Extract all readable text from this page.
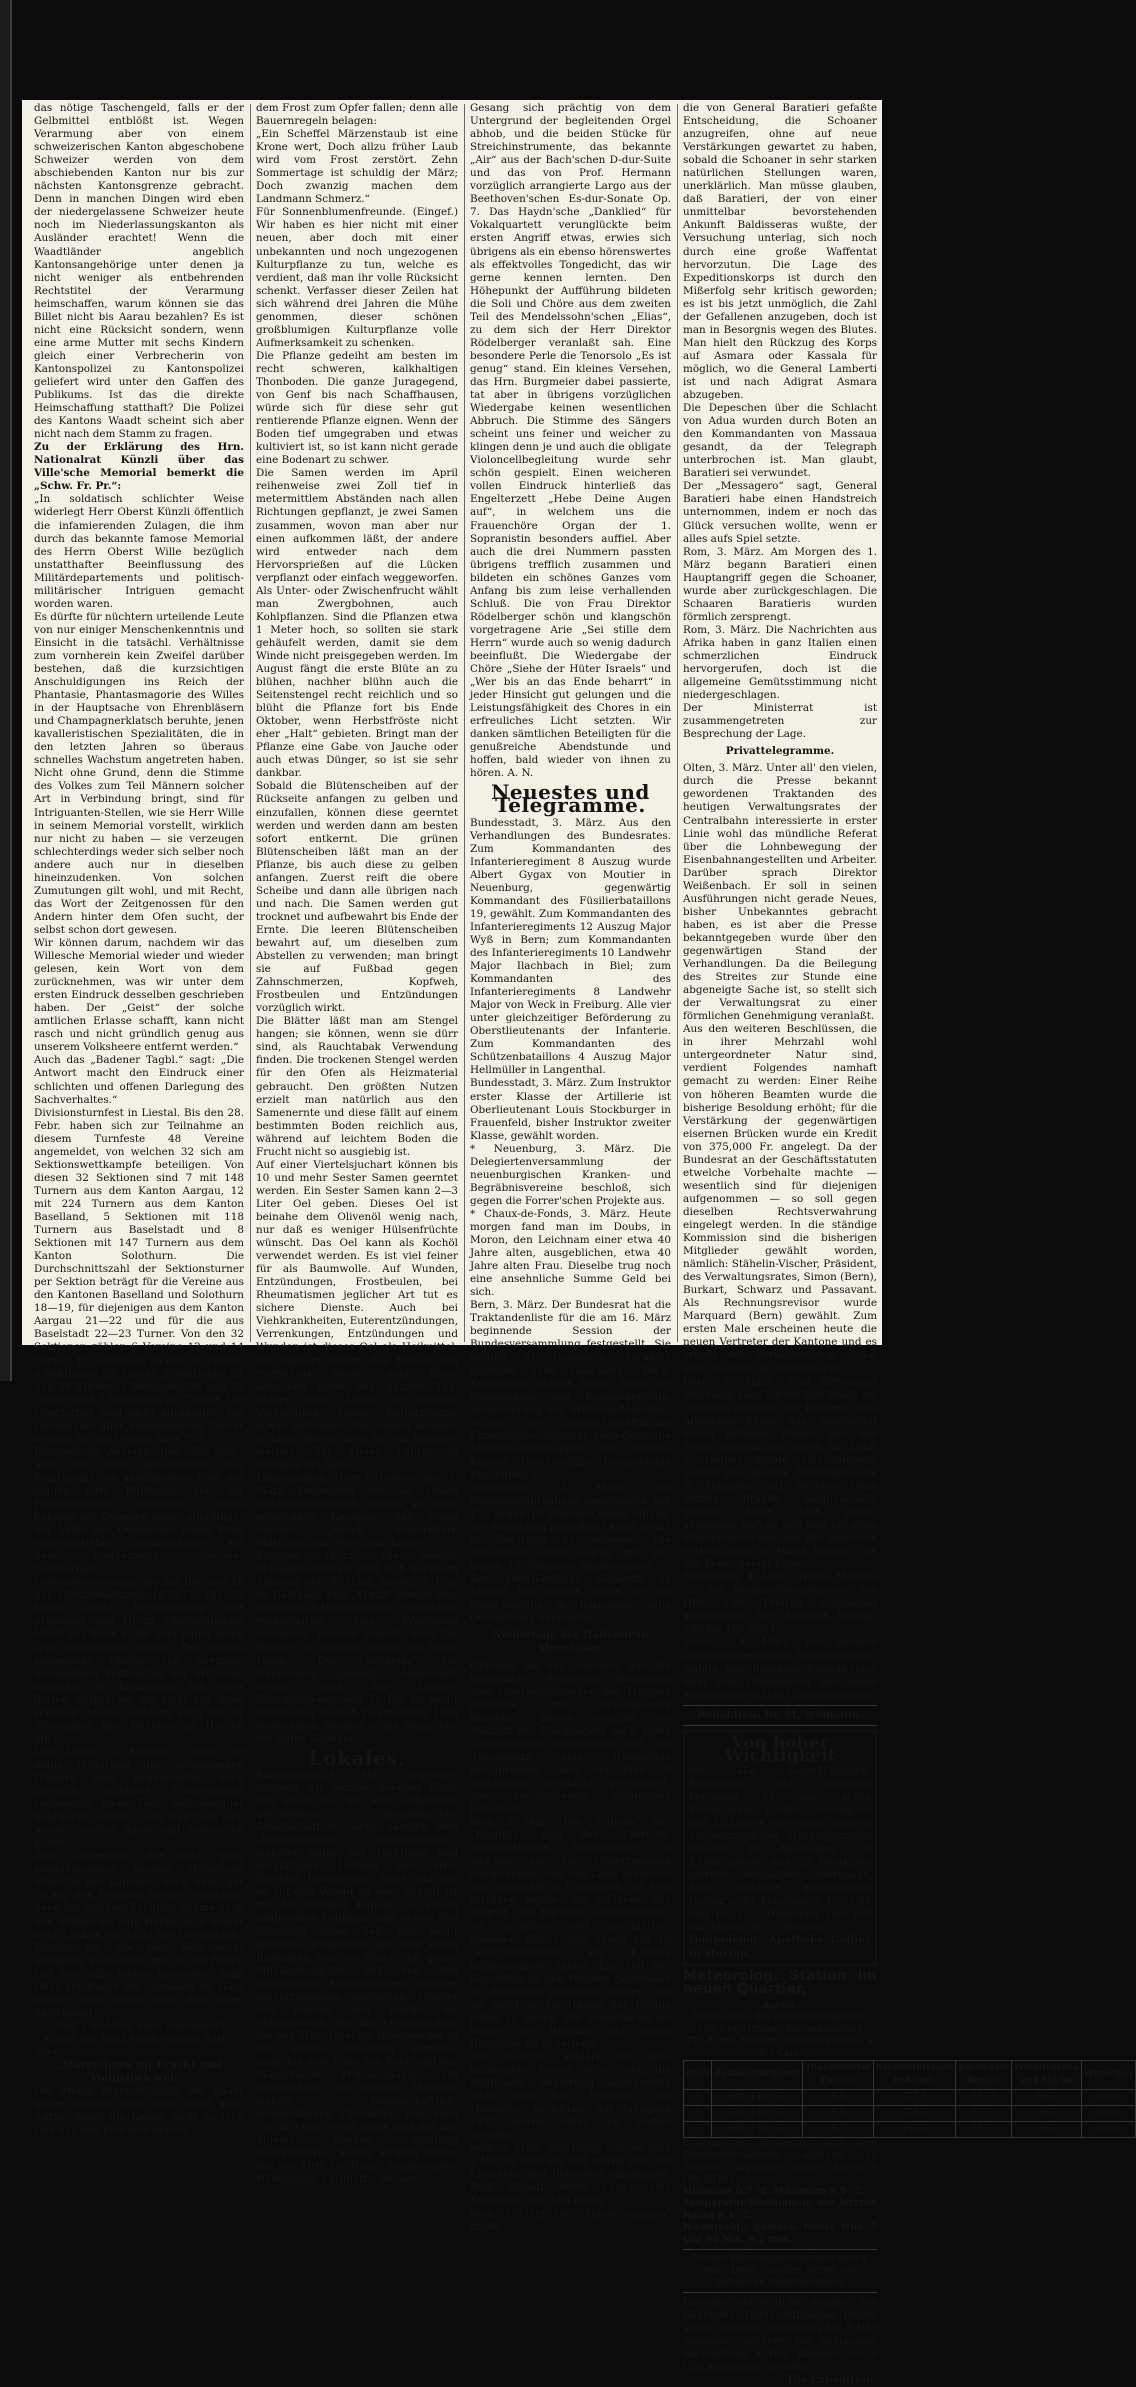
das nötige Taschengeld, falls er der Gelbmittel entblößt ist. Wegen Verarmung aber von einem schweizerischen Kanton abgeschobene Schweizer werden von dem abschiebenden Kanton nur bis zur nächsten Kantonsgrenze gebracht. Denn in manchen Dingen wird eben der niedergelassene Schweizer heute noch im Niederlassungskanton als Ausländer erachtet! Wenn die Waadtländer angeblich Kantonsangehörige unter denen ja nicht weniger als entbehrenden Rechtstitel der Verarmung heimschaffen, warum können sie das Billet nicht bis Aarau bezahlen? Es ist nicht eine Rücksicht sondern, wenn eine arme Mutter mit sechs Kindern gleich einer Verbrecherin von Kantonspolizei zu Kantonspolizei geliefert wird unter den Gaffen des Publikums. Ist das die direkte Heimschaffung statthaft? Die Polizei des Kantons Waadt scheint sich aber nicht nach dem Stamm zu fragen.

Zu der Erklärung des Hrn. Nationalrat Künzli über das Ville'sche Memorial bemerkt die „Schw. Fr. Pr.“:

„In soldatisch schlichter Weise widerlegt Herr Oberst Künzli öffentlich die infamierenden Zulagen, die ihm durch das bekannte famose Memorial des Herrn Oberst Wille bezüglich unstatthafter Beeinflussung des Militärdepartements und politisch-militärischer Intriguen gemacht worden waren.

Es dürfte für nüchtern urteilende Leute von nur einiger Menschenkenntnis und Einsicht in die tatsächl. Verhältnisse zum vornherein kein Zweifel darüber bestehen, daß die kurzsichtigen Anschuldigungen ins Reich der Phantasie, Phantasmagorie des Willes in der Hauptsache von Ehrenbläsern und Champagnerklatsch beruhte, jenen kavalleristischen Spezialitäten, die in den letzten Jahren so überaus schnelles Wachstum angetreten haben. Nicht ohne Grund, denn die Stimme des Volkes zum Teil Männern solcher Art in Verbindung bringt, sind für Intriguanten-Stellen, wie sie Herr Wille in seinem Memorial vorstellt, wirklich nur nicht zu haben — sie verzeugen schlechterdings weder sich selber noch andere auch nur in dieselben hineinzudenken. Von solchen Zumutungen gilt wohl, und mit Recht, das Wort der Zeitgenossen für den Andern hinter dem Ofen sucht, der selbst schon dort gewesen.

Wir können darum, nachdem wir das Willesche Memorial wieder und wieder gelesen, kein Wort von dem zurücknehmen, was wir unter dem ersten Eindruck desselben geschrieben haben. Der „Geist“ der solche amtlichen Erlasse schafft, kann nicht rasch und nicht gründlich genug aus unserem Volksheere entfernt werden.“

Auch das „Badener Tagbl.“ sagt: „Die Antwort macht den Eindruck einer schlichten und offenen Darlegung des Sachverhaltes.“

Divisionsturnfest in Liestal. Bis den 28. Febr. haben sich zur Teilnahme an diesem Turnfeste 48 Vereine angemeldet, von welchen 32 sich am Sektionswettkampfe beteiligen. Von diesen 32 Sektionen sind 7 mit 148 Turnern aus dem Kanton Aargau, 12 mit 224 Turnern aus dem Kanton Baselland, 5 Sektionen mit 118 Turnern aus Baselstadt und 8 Sektionen mit 147 Turnern aus dem Kanton Solothurn. Die Durchschnittszahl der Sektionsturner per Sektion beträgt für die Vereine aus den Kantonen Baselland und Solothurn 18—19, für diejenigen aus dem Kanton Aargau 21—22 und für die aus Baselstadt 22—23 Turner. Von den 32 Sektionen zählen 6 Vereine 12 und 14 Turner, 15 Sektionen 16 und 18 Turner, 4 Sektionen 20 Turner, 2 Sektionen 24 und 28 Turner, 3 Sektionen 30 und 32 Turner und 2 Sektionen 40 Turner. Die Oberturner sind nicht mitgezählt. Die Gesamtzahl aller angemeldeten Turner beträgt bis jetzt etwas über 750.

Jurassier im Ausland. Der „Nat.-Ztg.“ wird aus Kairo geschrieben: Das Bezirksamt von angeblichem Tode des jungen Otto Buflinger, der zur Fremdenlegion gegangen, nichts bekannt sei. Dagegen habe „allerdings“ der Vater des Genannten einen Brief eingeschrieben zurückerhalten mit dem Postvermerk „decédé“ (verstorben).

Veteranenversammlung der Batterie 16 der Grenzbesetzung 1870/71. Die 70 Mann starke Versammlung war präsidiert von Herrn Oberlieutenant Marti aus Stein a. Rh. und nahm einen sehr gemütlichen Verlauf. Der damals anwesende Oberst von Grenzen, dazumaliger Waffenchef der Artillerie, begrüßte die Kameraden mit einer flotten Ansprache, die nicht nur ihres schönen Inhalts, sondern auch der 81 Altersjahre des Redners zu Herzen ging.

Vom Lande. (O Korresp.) Durch die milde Witterung des vergangenen Winters sind gegenwärtig noch ziemlich reichliche Futtervorräte vorhanden; eines Teils, weil weniger gebraucht worden, teils weil man sich wieder solches fällen und zubereiten konnte.

Auch angesichts der noch ganz ausnahmsweise großen Heustöcke wünsche der Landwirt noch nicht gar zu arg den Frühling herbei wünschen; denn bei starkem Frühling nähme er in den Ställen bis zum Herbst sich immer noch Lücken von 1893 her zu fürchten.

Pluvius hat wie sein Naß recht ausgiebig gespendet und ist der Boden fast nur allzu locker geworden; man sieht der Bauer ein Austauen im März wieder ganz gerne, nach dem alten Sprichwort:

„Taut's im März nach Sommerart,

Kriegt der Lenz einen weißen Bart.“

oder:

„Märzschnee tut Frucht und Weinstock weh.“

Der Monat März wünscht der Bauer gerne trocken, doch auch nicht allzu warm, damit die Keime nicht zu früh sich aus den Erdreich heraus

dem Frost zum Opfer fallen; denn alle Bauernregeln belagen:

„Ein Scheffel Märzenstaub ist eine Krone wert, Doch allzu früher Laub wird vom Frost zerstört. Zehn Sommertage ist schuldig der März; Doch zwanzig machen dem Landmann Schmerz.“

Für Sonnenblumenfreunde. (Eingef.) Wir haben es hier nicht mit einer neuen, aber doch mit einer unbekannten und noch ungezogenen Kulturpflanze zu tun, welche es verdient, daß man ihr volle Rücksicht schenkt. Verfasser dieser Zeilen hat sich während drei Jahren die Mühe genommen, dieser schönen großblumigen Kulturpflanze volle Aufmerksamkeit zu schenken.

Die Pflanze gedeiht am besten im recht schweren, kalkhaltigen Thonboden. Die ganze Juragegend, von Genf bis nach Schaffhausen, würde sich für diese sehr gut rentierende Pflanze eignen. Wenn der Boden tief umgegraben und etwas kultiviert ist, so ist kann nicht gerade eine Bodenart zu schwer.

Die Samen werden im April reihenweise zwei Zoll tief in metermittlem Abständen nach allen Richtungen gepflanzt, je zwei Samen zusammen, wovon man aber nur einen aufkommen läßt, der andere wird entweder nach dem Hervorsprießen auf die Lücken verpflanzt oder einfach weggeworfen. Als Unter- oder Zwischenfrucht wählt man Zwergbohnen, auch Kohlpflanzen. Sind die Pflanzen etwa 1 Meter hoch, so sollten sie stark gehäufelt werden, damit sie dem Winde nicht preisgegeben werden. Im August fängt die erste Blüte an zu blühen, nachher blühn auch die Seitenstengel recht reichlich und so blüht die Pflanze fort bis Ende Oktober, wenn Herbstfröste nicht eher „Halt“ gebieten. Bringt man der Pflanze eine Gabe von Jauche oder auch etwas Dünger, so ist sie sehr dankbar.

Sobald die Blütenscheiben auf der Rückseite anfangen zu gelben und einzufallen, können diese geerntet werden und werden dann am besten sofort entkernt. Die grünen Blütenscheiben läßt man an der Pflanze, bis auch diese zu gelben anfangen. Zuerst reift die obere Scheibe und dann alle übrigen nach und nach. Die Samen werden gut trocknet und aufbewahrt bis Ende der Ernte. Die leeren Blütenscheiben bewahrt auf, um dieselben zum Abstellen zu verwenden; man bringt sie auf Fußbad gegen Zahnschmerzen, Kopfweh, Frostbeulen und Entzündungen vorzüglich wirkt.

Die Blätter läßt man am Stengel hangen; sie können, wenn sie dürr sind, als Rauchtabak Verwendung finden. Die trockenen Stengel werden für den Ofen als Heizmaterial gebraucht. Den größten Nutzen erzielt man natürlich aus den Samenernte und diese fällt auf einem bestimmten Boden reichlich aus, während auf leichtem Boden die Frucht nicht so ausgiebig ist.

Auf einer Viertelsjuchart können bis 10 und mehr Sester Samen geerntet werden. Ein Sester Samen kann 2—3 Liter Oel geben. Dieses Oel ist beinahe dem Olivenöl wenig nach, nur daß es weniger Hülsenfrüchte wünscht. Das Oel kann als Kochöl verwendet werden. Es ist viel feiner für als Baumwolle. Auf Wunden, Entzündungen, Frostbeulen, bei Rheumatismen jeglicher Art tut es sichere Dienste. Auch bei Viehkrankheiten, Euterentzündungen, Verrenkungen, Entzündungen und Wunden ist dieses Oel als Heilmittel. Die Blättern liefern den Bienen den trefflichste Weide; denn diese besuchen diese den ganzen Tag. Mögen diese Zeilen zur weitern Verbreitung dieser Kulturpflanze etwas beitragen. Die Samen können, so lange Vorrat, noch bei mir bezogen werden. Sig. Meier, Lehrer in Kättigen bei Aarau.

Lenzosnaden. (Korr.) Gestern den 3. März bemerkten wir an einem Wachholderstrauch bereits so stark entwickelte Knospen, daß schon nimmer, jedoch bemerkbare Blättchen zum Vorschein kamen.

Kättigen. (Korr.) Die hiesige Musikgesellschaft wird sich nächsten Sonntag den 8. März, abends 8 Uhr, im Gasthaus zum „Kreuz“ wieder eine musikalisch-theatralische Produktion veranstalten. Das Programm verspricht reichen Genuß; auch für Humor ist gesorgt, indem die fidele Posse: „Der Pechpeter“ zur Darstellung gelangt. Angesichts dessen und des billigen Eintrittspreises von 50 Rp. ist recht zahlreicher Besuch zu erwarten. Dem strebsamen Vereine selbst wünschen wir gutes Gelingen.

Lokales.

Konzertbericht. Mit Vergnügen nahmen wir letzten Sonntag Notiz von einer uns bis jetzt unbekannt gebliebenen musikalischen Gesellschaft in Aarau, nämlich dem „Evangelischen Gesangverein“, welcher unter der tüchtigen und sorgfältigen Leitung des Hrn. Direktor Rödelberger steht und der es auf den Verein an dem Schritt ist mit der Evangel. Kapelle vor einem zahlreichen Publikum zum ersten Mal öffentlich hören ließ. Das recht gewählte Programm ließ nun einen Rundgang machen durch die ganze Musikgeschichte und von den bestimmten Kompositionen unserer hervorragenden deutschen Meister von Händel und Haydn bis Mendelssohn. Von den Orgelstücken, die von Hrn. Direktor Rödelberger in der ersten Abteilung erfreute, zunächst eine Fuge von Bach und das Mozart'sche H-moll-Adagio, ein Klavierstück von feinster Melodie, welche leidenschaftlich, schmerzlichen Charakter, das auch für die Orgel wohl paßte und das der Spieler ebenso einfühlig interpretierte. Schön wirkten ferner das von Hrn. Dr. Hirzel vorgetragene Händelsche Larghetto, dessen

Gesang sich prächtig von dem Untergrund der begleitenden Orgel abhob, und die beiden Stücke für Streichinstrumente, das bekannte „Air“ aus der Bach'schen D-dur-Suite und das von Prof. Hermann vorzüglich arrangierte Largo aus der Beethoven'schen Es-dur-Sonate Op. 7. Das Haydn'sche „Danklied“ für Vokalquartett verunglückte beim ersten Angriff etwas, erwies sich übrigens als ein ebenso hörenswertes als effektvolles Tongedicht, das wir gerne kennen lernten. Den Höhepunkt der Aufführung bildeten die Soli und Chöre aus dem zweiten Teil des Mendelssohn'schen „Elias“, zu dem sich der Herr Direktor Rödelberger veranlaßt sah. Eine besondere Perle die Tenorsolo „Es ist genug“ stand. Ein kleines Versehen, das Hrn. Burgmeier dabei passierte, tat aber in übrigens vorzüglichen Wiedergabe keinen wesentlichen Abbruch. Die Stimme des Sängers scheint uns feiner und weicher zu klingen denn je und auch die obligate Violoncellbegleitung wurde sehr schön gespielt. Einen weicheren vollen Eindruck hinterließ das Engelterzett „Hebe Deine Augen auf“, in welchem uns die Frauenchöre Organ der 1. Sopranistin besonders auffiel. Aber auch die drei Nummern passten übrigens trefflich zusammen und bildeten ein schönes Ganzes vom Anfang bis zum leise verhallenden Schluß. Die von Frau Direktor Rödelberger schön und klangschön vorgetragene Arie „Sei stille dem Herrn“ wurde auch so wenig dadurch beeinflußt. Die Wiedergabe der Chöre „Siehe der Hüter Israels“ und „Wer bis an das Ende beharrt“ in jeder Hinsicht gut gelungen und die Leistungsfähigkeit des Chores in ein erfreuliches Licht setzten. Wir danken sämtlichen Beteiligten für die genußreiche Abendstunde und hoffen, bald wieder von ihnen zu hören. A. N.

Neuestes und Telegramme.

Bundesstadt, 3. März. Aus den Verhandlungen des Bundesrates. Zum Kommandanten des Infanterieregiment 8 Auszug wurde Albert Gygax von Moutier in Neuenburg, gegenwärtig Kommandant des Füsilierbataillons 19, gewählt. Zum Kommandanten des Infanterieregiments 12 Auszug Major Wyß in Bern; zum Kommandanten des Infanterieregiments 10 Landwehr Major Ilachbach in Biel; zum Kommandanten des Infanterieregiments 8 Landwehr Major von Weck in Freiburg. Alle vier unter gleichzeitiger Beförderung zu Oberstlieutenants der Infanterie. Zum Kommandanten des Schützenbataillons 4 Auszug Major Hellmüller in Langenthal.

Bundesstadt, 3. März. Zum Instruktor erster Klasse der Artillerie ist Oberlieutenant Louis Stockburger in Frauenfeld, bisher Instruktor zweiter Klasse, gewählt worden.

* Neuenburg, 3. März. Die Delegiertenversammlung der neuenburgischen Kranken- und Begräbnisvereine beschloß, sich gegen die Forrer'schen Projekte aus.

* Chaux-de-Fonds, 3. März. Heute morgen fand man im Doubs, in Moron, den Leichnam einer etwa 40 Jahre alten, ausgeblichen, etwa 40 Jahre alten Frau. Dieselbe trug noch eine ansehnliche Summe Geld bei sich.

Bern, 3. März. Der Bundesrat hat die Traktandenliste für die am 16. März beginnende Session der Bundesversammlung festgestellt. Sie enthält 37 Nummern, darunter folgende neue Geschäfte: Berg-Korrektion, Motion Favon, Wahl der Suppleanten des Bundesgerichts, Verbesserung der Artillerie-Munition, Schutz der landwirtschaftlichen Erzeugnisse, Postulat betreffend die Militärbetriebsbahnen der Militär-Kassen, Gesetzesfälle, Postgebäude Frauenfeld xc.

Washington, 3. März. Das Repräsentantenhaus genehmigte mit 175 gegen 19 Stimmen einen Antrag, die Resolution betreffend Kuba sofort in Beratung zu nehmen. Die Resolution selbst wurde mit 263 gegen 16 Stimmen angenommen. — Der amerikanische Gesandte in Madrid hat ganzen schon für die Zwischenfälle in Barcelona volle Genugtuung anerboten.

Niederlage der Italiener in Abessinien.

Offenbar hat der Umstand, daß die italienische Regierung Baldissera zum Oberbefehlshaber der Truppen ernannte, mit Uebergehung Baratieris, diesen veranlaßt, vor Ankunft des Nachfolgers noch einen Gewaltstreich auszuführen und den Abessiniern eine Niederlage beizubringen. Aber der Plan ist gescheitert, gründlich gescheitert, wie nachstehende Meldungen beweisen.

Rom, 3. März. Die „Tribuna“, der „Fanfulla“ und der „Esercito“ veröffentlichen Extrablätter, in welchen sie die Ueberzeugung aussprechen, daß das Land männlich das unglückliche Ungemach mit Mut ertragen werde. Sie erklären, der Angriff, den Baratieri unternommen, sei unfaßbar und unerklärlich gewesen, daß 15,000 Mann mit 10 Gebirgsbatterien am Kampfe teilgenommen haben. Ein Teil der Geschütze ist den Feinden gegenüber an Abgründe geworfen worden, um sie nicht in die Hände der Feinde fallen zu lassen. Die Hauptsache sei bisher die Italiener auf ihrem Rückzuge nicht verfolgt.

Der „Esercito“ erklärt, daß diese italienische Presse jedoch wohl die Baldissera Regierung anzugreifen nicht mehr hat. „Fanfulla“ und „Esercito“ berichten, der Jahrgang 1872 werde unter die Waffen gerufen.

Rom, 3. März. Der König traf um halb 2 Uhr in Rom ein und wurde von den Ministern und Behörden empfangen. Bald darauf hatte Crispi eine Konferenz mit dem König.

Rom, 3. März. Der „Popolo romano“ findet

die von General Baratieri gefaßte Entscheidung, die Schoaner anzugreifen, ohne auf neue Verstärkungen gewartet zu haben, sobald die Schoaner in sehr starken natürlichen Stellungen waren, unerklärlich. Man müsse glauben, daß Baratieri, der von einer unmittelbar bevorstehenden Ankunft Baldisseras wußte, der Versuchung unterlag, sich noch durch eine große Waffentat hervorzutun. Die Lage des Expeditionskorps ist durch den Mißerfolg sehr kritisch geworden; es ist bis jetzt unmöglich, die Zahl der Gefallenen anzugeben, doch ist man in Besorgnis wegen des Blutes. Man hielt den Rückzug des Korps auf Asmara oder Kassala für möglich, wo die General Lamberti ist und nach Adigrat Asmara abzugeben.

Die Depeschen über die Schlacht von Adua wurden durch Boten an den Kommandanten von Massaua gesandt, da der Telegraph unterbrochen ist. Man glaubt, Baratieri sei verwundet.

Der „Messagero“ sagt, General Baratieri habe einen Handstreich unternommen, indem er noch das Glück versuchen wollte, wenn er alles aufs Spiel setzte.

Rom, 3. März. Am Morgen des 1. März begann Baratieri einen Hauptangriff gegen die Schoaner, wurde aber zurückgeschlagen. Die Schaaren Baratieris wurden förmlich zersprengt.

Rom, 3. März. Die Nachrichten aus Afrika haben in ganz Italien einen schmerzlichen Eindruck hervorgerufen, doch ist die allgemeine Gemütsstimmung nicht niedergeschlagen.

Der Ministerrat ist zusammengetreten zur Besprechung der Lage.

Privattelegramme.

Olten, 3. März. Unter all' den vielen, durch die Presse bekannt gewordenen Traktanden des heutigen Verwaltungsrates der Centralbahn interessierte in erster Linie wohl das mündliche Referat über die Lohnbewegung der Eisenbahnangestellten und Arbeiter. Darüber sprach Direktor Weißenbach. Er soll in seinen Ausführungen nicht gerade Neues, bisher Unbekanntes gebracht haben, es ist aber die Presse bekanntgegeben wurde über den gegenwärtigen Stand der Verhandlungen. Da die Beilegung des Streites zur Stunde eine abgeneigte Sache ist, so stellt sich der Verwaltungsrat zu einer förmlichen Genehmigung veranlaßt.

Aus den weiteren Beschlüssen, die in ihrer Mehrzahl wohl untergeordneter Natur sind, verdient Folgendes namhaft gemacht zu werden: Einer Reihe von höheren Beamten wurde die bisherige Besoldung erhöht; für die Verstärkung der gegenwärtigen eisernen Brücken wurde ein Kredit von 375,000 Fr. angelegt. Da der Bundesrat an der Geschäftsstatuten etwelche Vorbehalte machte — wesentlich sind für diejenigen aufgenommen — so soll gegen dieselben Rechtsverwahrung eingelegt werden. In die ständige Kommission sind die bisherigen Mitglieder gewählt worden, nämlich: Stähelin-Vischer, Präsident, des Verwaltungsrates, Simon (Bern), Burkart, Schwarz und Passavant. Als Rechnungsrevisor wurde Marquard (Bern) gewählt. Zum ersten Male erscheinen heute die neuen Vertreter der Kantone und es erhellt der Verwaltungsrat damit eine ansehnliche Verstärkung.

Bern, 3. März. Zum drittenmal innerhalb ganz kurzer Zeit brach am Dienstag Abend in der Brauerei zum Altenberg Feuer aus, begünstigt durch heftigen Winde, der das Feuer gelegentlich gegen die Stadt zu treiben drohte. Nur langsam gelang das gleiche Nebengebäude in Flammen auf, welches beim letzten Brande hauptsächlich gelitten hatte. Man glaubt allgemein, daß es sich hier bei allen Brandausbrüchen um die nämliche verbrecherische Hand handle, die das Feuer gelegt habe.

Einsiedeln, 4. März. Heute Morgen ist die Baumwollenspinnerei des Hrn. Chr. Freitag vollständig abgebrannt. Der Schaden beträgt 100 bis 150,000 Fr.

Schwyz, 4. März. Der gestern zusammengetretene Verfassungsrat wählte den liberalen Bankdirektor Real zum Präsidenten und einen Konservativen zum Vizepräsidenten.

Redaktion: Dr. M. Widmann.
Von hoher Wichtigkeit

für alle Schwächlichen, Blutarmen und delikaten Personen ist der echte Eisencognac Golliez; vorzüglich seit 22 Jahren von vielen Aerzten als vorzügliches Stärkungsmittel beliebt. In Apotheken; 10 Ehrendiplome und 20 Medaillen wurden demselben zuerkannt. Man verlange ausdrücklich Golliez's. In Flaschen à Fr. 2.50 und Fr. 5.—, Dieselben sind mit der Marke der „2 Palmen“.

Hauptdepot: Apotheke Golliez in Murten.

Meteorolog. Station im neuen Quartier,
Aarau.
Meereshöhe des Beobachtungsortes 396,7 m. Mittlerer Barometerstand 727,8 mm. Mittlere Jahrestemperatur + 8,2 Cels.
März	Beobachtungszeit	Thermometer Celsius	Barometerstand in Absol.	Barometer Reduc.	Windrichtung und Stärke	Witterung
3.	Mitt. 1 Uhr 30	8,0	727,3	733,5	NW₁	bew.
3.	Abd. 9 Uhr 30	5,0	729,0	735,1	SW₁	bew.
4.	Mrg. 7 Uhr 30	6,7	731,0	737,1	SW₁	bew.
Extreme der Temperatur nach dem Extremthermometer während 24 Stunden, abgelesen gestern Abend 9 Uhr 30 Min.
Minimum 0,7 °C. Maximum 9,5 °C.
Temperatur-Minimum in der letzten Nacht 6,1 °C.
Niederschl., gemess. heute früh 7 Uhr 30 Min. 0,1 mm.
Zürcher Witterungsaussichten vom 4. März 1896. Unstätes Wetter mit zeitweisen Niederschlägen.

Inserate, welche in der nummer des folgenden Tages Aufnahme finden sollen, müssen spätestens bis 9 Uhr morgens, größere bis spätestens nachmittags 4 Uhr, kleinere bis 9 Uhr abgegeben werden.

Die Expedition.
